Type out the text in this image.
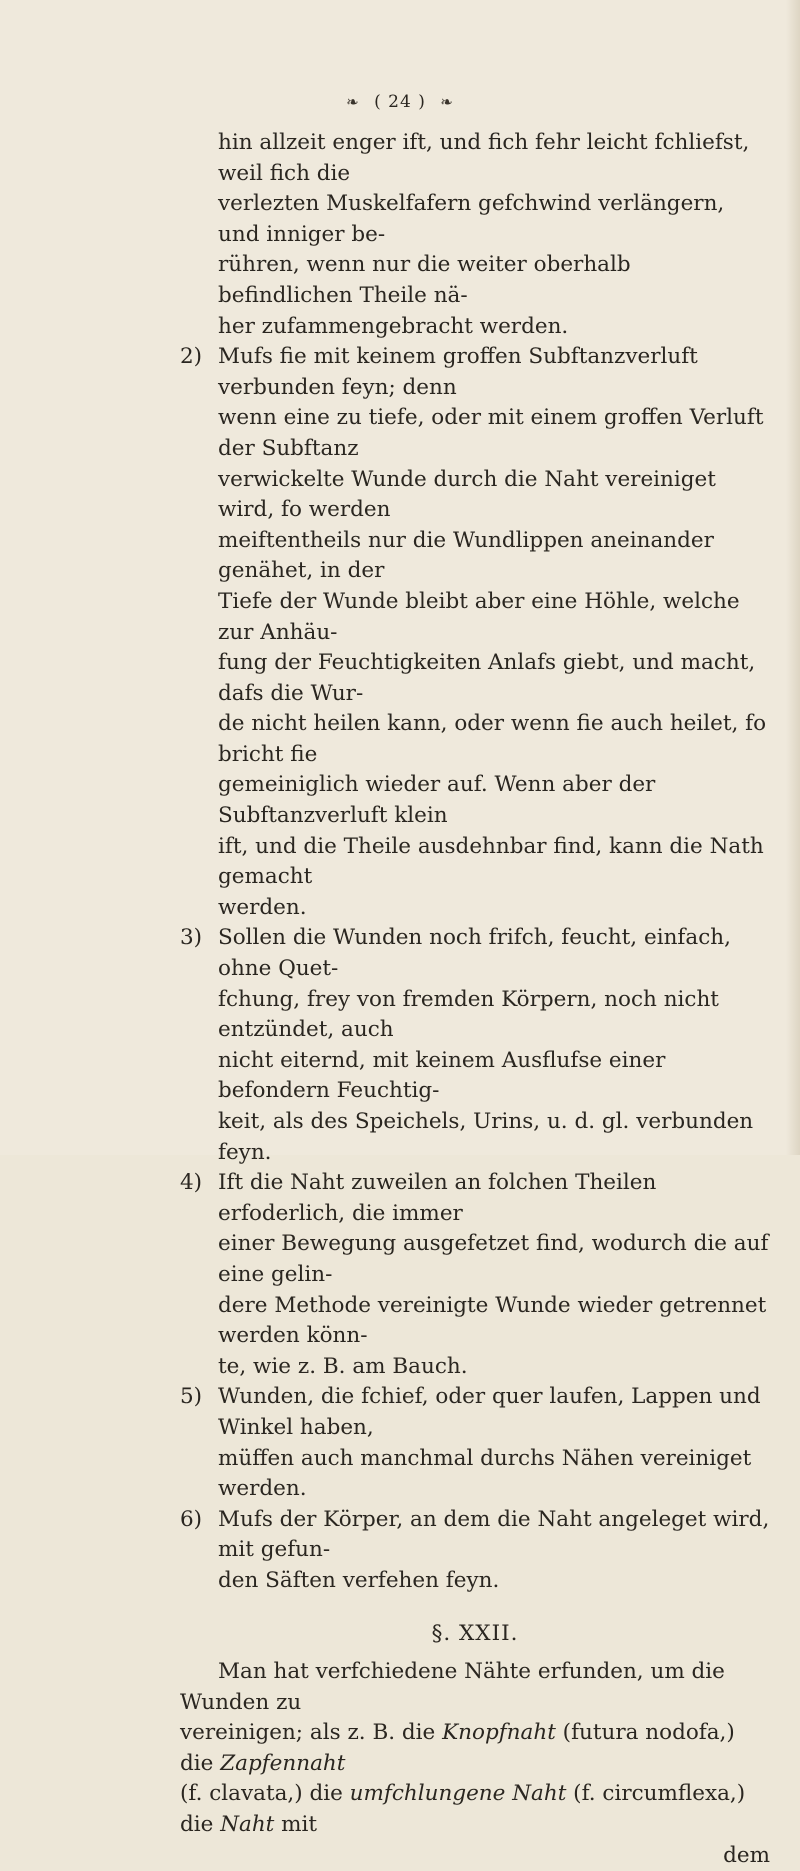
❧ ( 24 ) ❧

hin allzeit enger ift, und fich fehr leicht fchliefst, weil fich die

verlezten Muskelfafern gefchwind verlängern, und inniger be-

rühren, wenn nur die weiter oberhalb befindlichen Theile nä-

her zufammengebracht werden.

2) Mufs fie mit keinem groffen Subftanzverluft verbunden feyn; denn

wenn eine zu tiefe, oder mit einem groffen Verluft der Subftanz

verwickelte Wunde durch die Naht vereiniget wird, fo werden

meiftentheils nur die Wundlippen aneinander genähet, in der

Tiefe der Wunde bleibt aber eine Höhle, welche zur Anhäu-

fung der Feuchtigkeiten Anlafs giebt, und macht, dafs die Wur-

de nicht heilen kann, oder wenn fie auch heilet, fo bricht fie

gemeiniglich wieder auf. Wenn aber der Subftanzverluft klein

ift, und die Theile ausdehnbar find, kann die Nath gemacht

werden.

3) Sollen die Wunden noch frifch, feucht, einfach, ohne Quet-

fchung, frey von fremden Körpern, noch nicht entzündet, auch

nicht eiternd, mit keinem Ausflufse einer befondern Feuchtig-

keit, als des Speichels, Urins, u. d. gl. verbunden feyn.

4) Ift die Naht zuweilen an folchen Theilen erfoderlich, die immer

einer Bewegung ausgefetzet find, wodurch die auf eine gelin-

dere Methode vereinigte Wunde wieder getrennet werden könn-

te, wie z. B. am Bauch.

5) Wunden, die fchief, oder quer laufen, Lappen und Winkel haben,

müffen auch manchmal durchs Nähen vereiniget werden.

6) Mufs der Körper, an dem die Naht angeleget wird, mit gefun-

den Säften verfehen feyn.

§. XXII.

Man hat verfchiedene Nähte erfunden, um die Wunden zu

vereinigen; als z. B. die Knopfnaht (futura nodofa,) die Zapfennaht

(f. clavata,) die umfchlungene Naht (f. circumflexa,) die Naht mit

dem
